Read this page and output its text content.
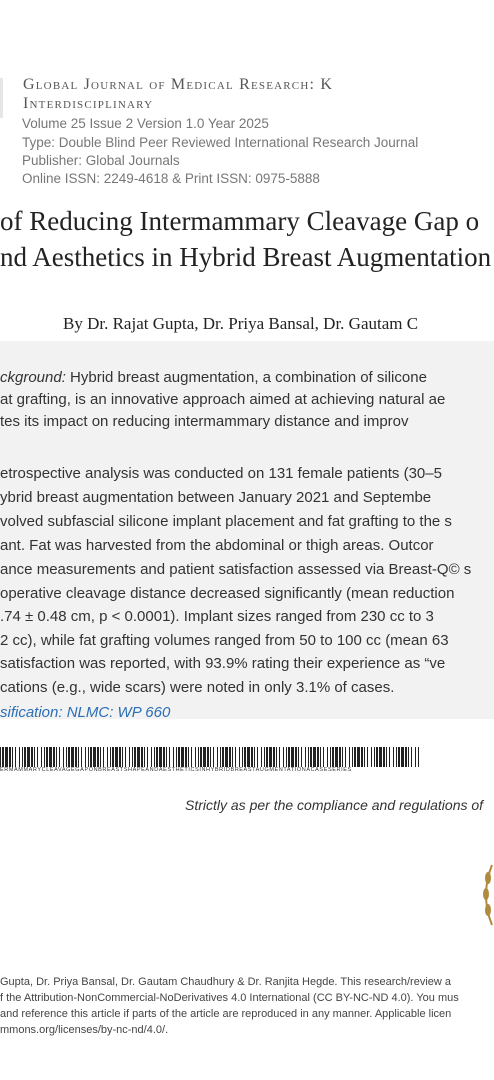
Global Journal of Medical Research: K
Interdisciplinary
Volume 25 Issue 2 Version 1.0 Year 2025
Type: Double Blind Peer Reviewed International Research Journal
Publisher: Global Journals
Online ISSN: 2249-4618 & Print ISSN: 0975-5888
of Reducing Intermammary Cleavage Gap o
nd Aesthetics in Hybrid Breast Augmentation
By Dr. Rajat Gupta, Dr. Priya Bansal, Dr. Gautam C
ckground: Hybrid breast augmentation, a combination of silicone
at grafting, is an innovative approach aimed at achieving natural ae
tes its impact on reducing intermammary distance and improv
etrospective analysis was conducted on 131 female patients (30–5
ybrid breast augmentation between January 2021 and Septembe
volved subfascial silicone implant placement and fat grafting to the s
ant. Fat was harvested from the abdominal or thigh areas. Outcor
ance measurements and patient satisfaction assessed via Breast-Q© s
operative cleavage distance decreased significantly (mean reduction
.74 ± 0.48 cm, p < 0.0001). Implant sizes ranged from 230 cc to 3
2 cc), while fat grafting volumes ranged from 50 to 100 cc (mean 63
satisfaction was reported, with 93.9% rating their experience as “ve
cations (e.g., wide scars) were noted in only 3.1% of cases.
sification: NLMC: WP 660
ERMAMMARYCLEAVAGEGAPONBREASTSHAPEANDAESTHETICSINHYBRIDBREASTAUGMENTATIONACASESERIES
Strictly as per the compliance and regulations of
Gupta, Dr. Priya Bansal, Dr. Gautam Chaudhury & Dr. Ranjita Hegde. This research/review a
f the Attribution-NonCommercial-NoDerivatives 4.0 International (CC BY-NC-ND 4.0). You mus
and reference this article if parts of the article are reproduced in any manner. Applicable licen
mmons.org/licenses/by-nc-nd/4.0/.
